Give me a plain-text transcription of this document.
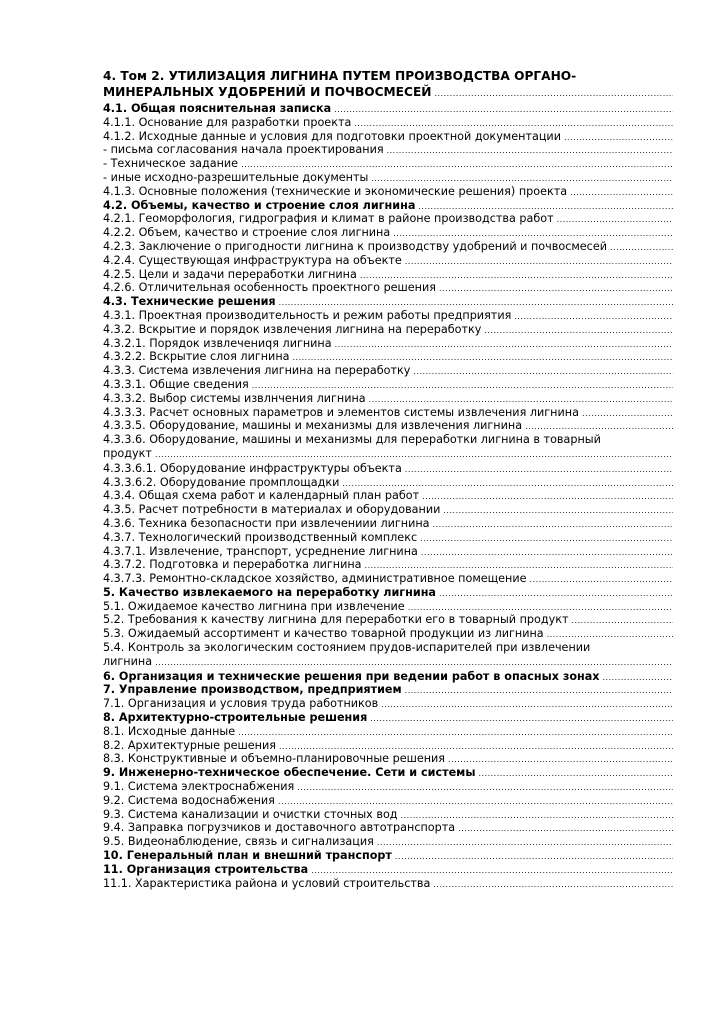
4. Том 2. УТИЛИЗАЦИЯ ЛИГНИНА ПУТЕМ ПРОИЗВОДСТВА ОРГАНО-
МИНЕРАЛЬНЫХ УДОБРЕНИЙ И ПОЧВОСМЕСЕЙ
.....
4.1. Общая пояснительная записка
.....
4.1.1. Основание для разработки проекта
.....
4.1.2. Исходные данные и условия для подготовки проектной документации
.....
- письма согласования начала проектирования
.....
- Техническое задание
.....
- иные исходно-разрешительные документы
.....
4.1.3. Основные положения (технические и экономические решения) проекта
.....
4.2. Объемы, качество и строение слоя лигнина
.....
4.2.1. Геоморфология, гидрография и климат в районе производства работ
.....
4.2.2. Объем, качество и строение слоя лигнина
.....
4.2.3. Заключение о пригодности лигнина к производству удобрений и почвосмесей
.....
4.2.4. Существующая инфраструктура на объекте
.....
4.2.5. Цели и задачи переработки лигнина
.....
4.2.6. Отличительная особенность проектного решения
.....
4.3. Технические решения
.....
4.3.1. Проектная производительность и режим работы предприятия
.....
4.3.2. Вскрытие и порядок извлечения лигнина на переработку
.....
4.3.2.1. Порядок извлечениqя лигнина
.....
4.3.2.2. Вскрытие слоя лигнина
.....
4.3.3. Система извлечения лигнина на переработку
.....
4.3.3.1. Общие сведения
.....
4.3.3.2. Выбор системы извлнчения лигнина
.....
4.3.3.3. Расчет основных параметров и элементов системы извлечения лигнина
.....
4.3.3.5. Оборудование, машины и механизмы для извлечения лигнина
.....
4.3.3.6. Оборудование, машины и механизмы для переработки лигнина в товарный
продукт
.....
4.3.3.6.1. Оборудование инфраструктуры объекта
.....
4.3.3.6.2. Оборудование промплощадки
.....
4.3.4. Общая схема работ и календарный план работ
.....
4.3.5. Расчет потребности в материалах и оборудовании
.....
4.3.6. Техника безопасности при извлечениии лигнина
.....
4.3.7. Технологический производственный комплекс
.....
4.3.7.1. Извлечение, транспорт, усреднение лигнина
.....
4.3.7.2. Подготовка и переработка лигнина
.....
4.3.7.3. Ремонтно-складское хозяйство, административное помещение
.....
5. Качество извлекаемого на переработку лигнина
.....
5.1. Ожидаемое качество лигнина при извлечение
.....
5.2. Требования к качеству лигнина для переработки его в товарный продукт
.....
5.3. Ожидаемый ассортимент и качество товарной продукции из лигнина
.....
5.4. Контроль за экологическим состоянием прудов-испарителей при извлечении
лигнина
.....
6. Организация и технические решения при ведении работ в опасных зонах
.....
7. Управление производством, предприятием
.....
7.1. Организация и условия труда работников
.....
8. Архитектурно-строительные решения
.....
8.1. Исходные данные
.....
8.2. Архитектурные решения
.....
8.3. Конструктивные и объемно-планировочные решения
.....
9. Инженерно-техническое обеспечение. Сети и системы
.....
9.1. Система электроснабжения
.....
9.2. Система водоснабжения
.....
9.3. Система канализации и очистки сточных вод
.....
9.4. Заправка погрузчиков и доставочного автотранспорта
.....
9.5. Видеонаблюдение, связь и сигнализация
.....
10. Генеральный план и внешний транспорт
.....
11. Организация строительства
.....
11.1. Характеристика района и условий строительства
.....
